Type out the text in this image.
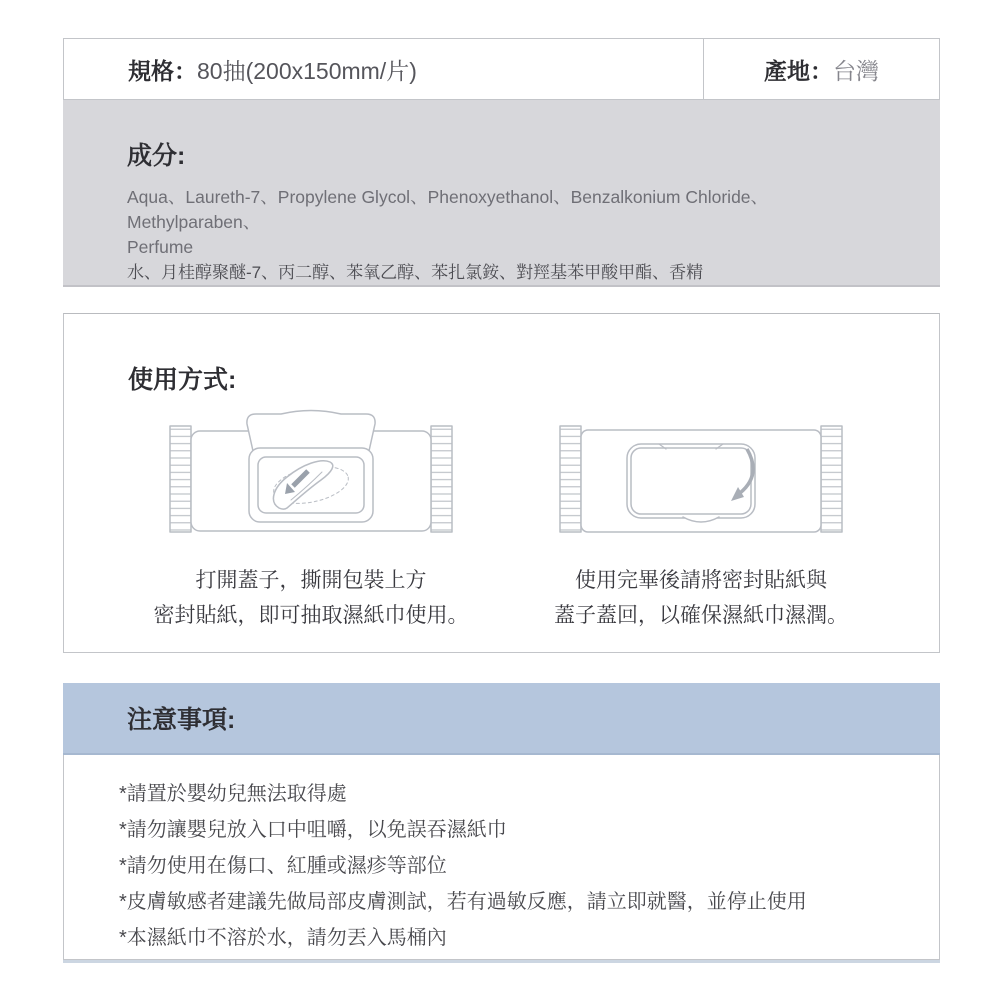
規格： 80抽(200x150mm/片)	產地： 台灣
成分:
Aqua、Laureth-7、Propylene Glycol、Phenoxyethanol、Benzalkonium Chloride、Methylparaben、
Perfume
水、月桂醇聚醚-7、丙二醇、苯氧乙醇、苯扎氯銨、對羥基苯甲酸甲酯、香精
使用方式:
打開蓋子，撕開包裝上方
密封貼紙，即可抽取濕紙巾使用。
使用完畢後請將密封貼紙與
蓋子蓋回，以確保濕紙巾濕潤。
注意事項:
*請置於嬰幼兒無法取得處
*請勿讓嬰兒放入口中咀嚼，以免誤吞濕紙巾
*請勿使用在傷口、紅腫或濕疹等部位
*皮膚敏感者建議先做局部皮膚測試，若有過敏反應，請立即就醫，並停止使用
*本濕紙巾不溶於水，請勿丟入馬桶內
